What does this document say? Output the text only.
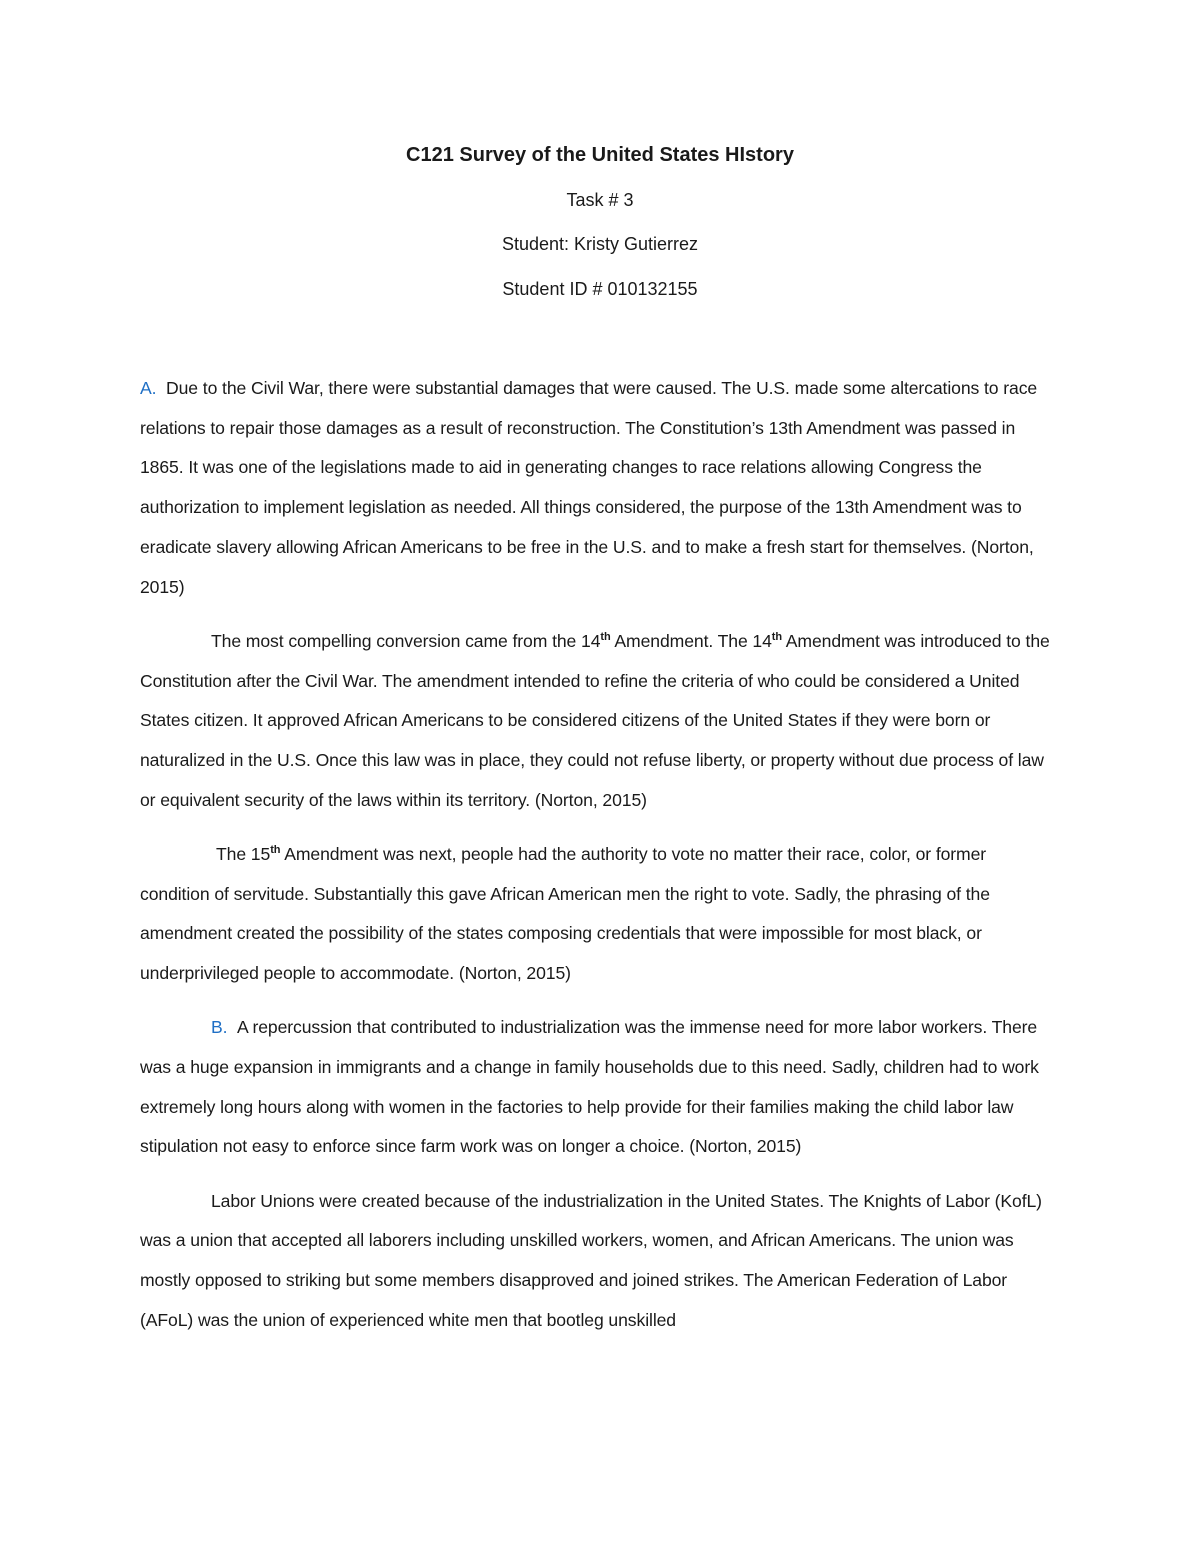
C121 Survey of the United States HIstory
Task # 3
Student: Kristy Gutierrez
Student ID # 010132155

A. Due to the Civil War, there were substantial damages that were caused. The U.S. made some altercations to race relations to repair those damages as a result of reconstruction. The Constitution’s 13th Amendment was passed in 1865. It was one of the legislations made to aid in generating changes to race relations allowing Congress the authorization to implement legislation as needed. All things considered, the purpose of the 13th Amendment was to eradicate slavery allowing African Americans to be free in the U.S. and to make a fresh start for themselves. (Norton, 2015)

The most compelling conversion came from the 14th Amendment. The 14th Amendment was introduced to the Constitution after the Civil War. The amendment intended to refine the criteria of who could be considered a United States citizen. It approved African Americans to be considered citizens of the United States if they were born or naturalized in the U.S. Once this law was in place, they could not refuse liberty, or property without due process of law or equivalent security of the laws within its territory. (Norton, 2015)

The 15th Amendment was next, people had the authority to vote no matter their race, color, or former condition of servitude. Substantially this gave African American men the right to vote. Sadly, the phrasing of the amendment created the possibility of the states composing credentials that were impossible for most black, or underprivileged people to accommodate. (Norton, 2015)

B. A repercussion that contributed to industrialization was the immense need for more labor workers. There was a huge expansion in immigrants and a change in family households due to this need. Sadly, children had to work extremely long hours along with women in the factories to help provide for their families making the child labor law stipulation not easy to enforce since farm work was on longer a choice. (Norton, 2015)

Labor Unions were created because of the industrialization in the United States. The Knights of Labor (KofL) was a union that accepted all laborers including unskilled workers, women, and African Americans. The union was mostly opposed to striking but some members disapproved and joined strikes. The American Federation of Labor (AFoL) was the union of experienced white men that bootleg unskilled
